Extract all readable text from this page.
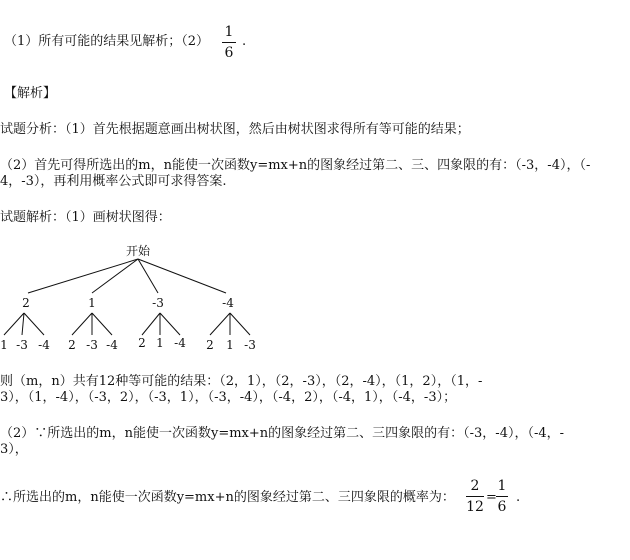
（1）所有可能的结果见解析；（2）
1
6
.
【解析】
试题分析：（1）首先根据题意画出树状图，然后由树状图求得所有等可能的结果；
（2）首先可得所选出的m，n能使一次函数y=mx+n的图象经过第二、三、四象限的有：（-3，-4），（-
4，-3），再利用概率公式即可求得答案.
试题解析：（1）画树状图得：
开始
2	1	-3	-4
1 -3 -4 2 -3 -4 2 1 -4 2 1 -3
则（m，n）共有12种等可能的结果：（2，1），（2，-3），（2，-4），（1，2），（1，-
3），（1，-4），（-3，2），（-3，1），（-3，-4），（-4，2），（-4，1），（-4，-3）；
（2）∵所选出的m，n能使一次函数y=mx+n的图象经过第二、三四象限的有：（-3，-4），（-4，-
3），
∴所选出的m，n能使一次函数y=mx+n的图象经过第二、三四象限的概率为：
2
12
=
1
6
.
